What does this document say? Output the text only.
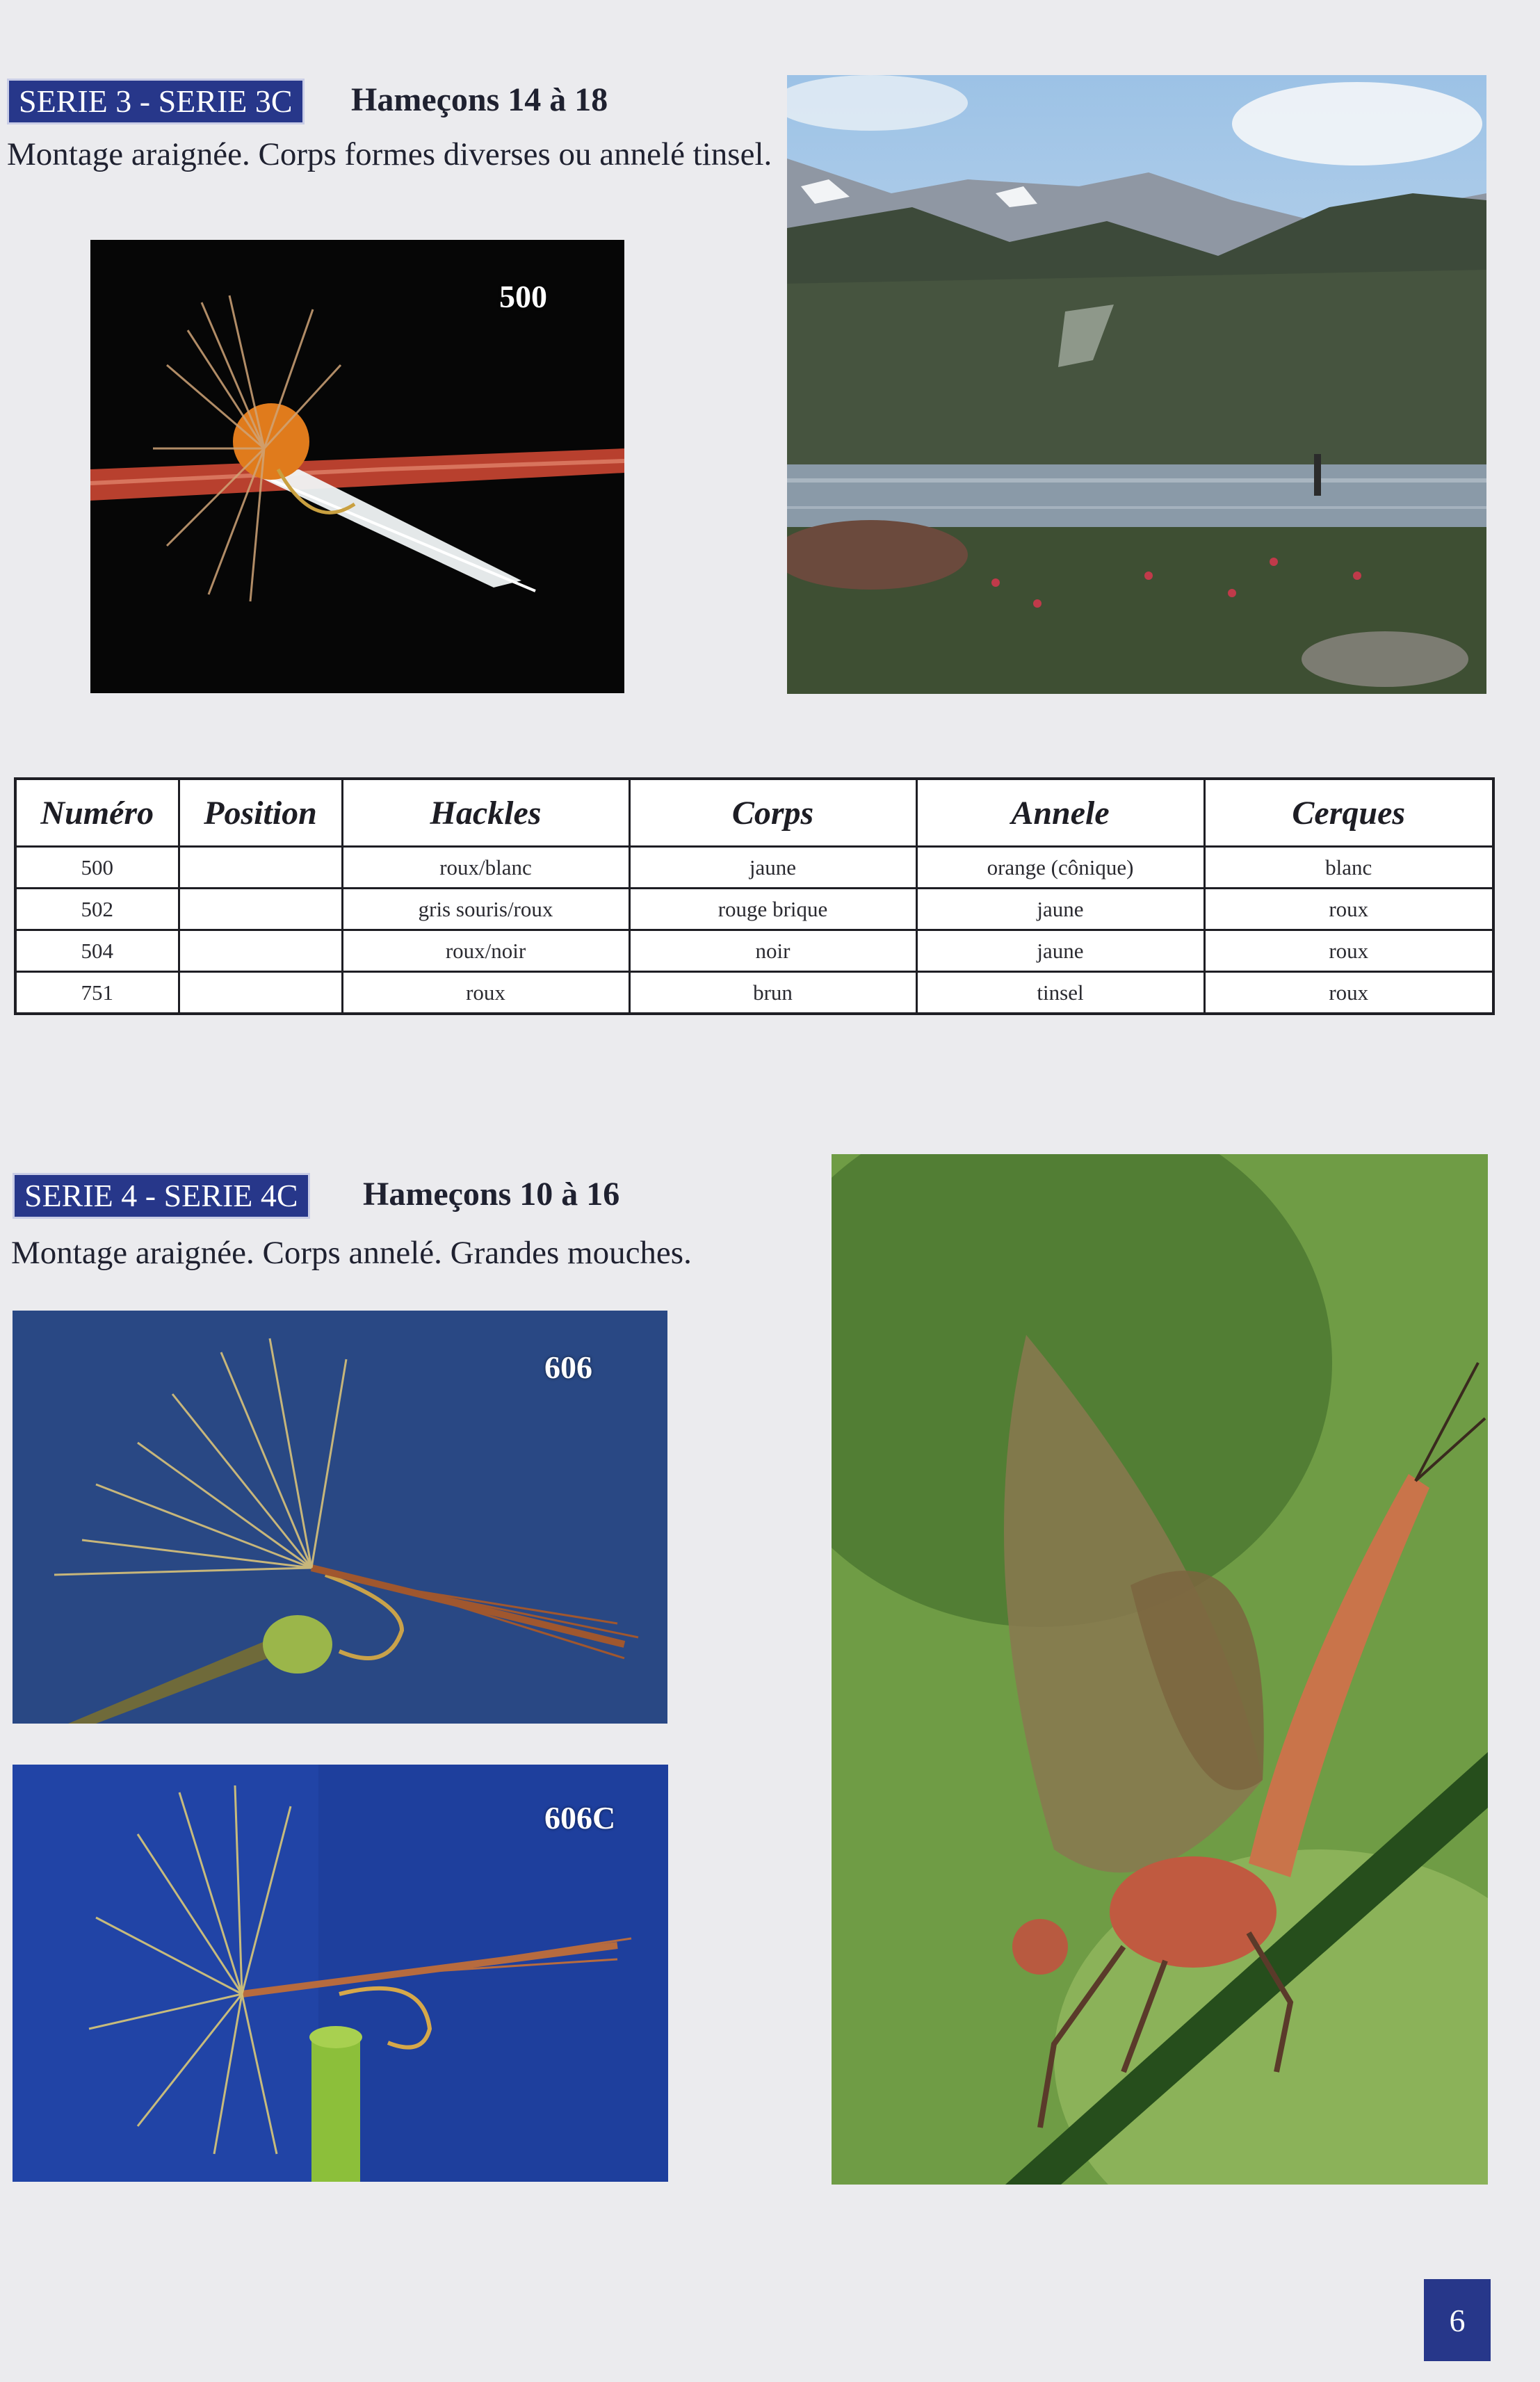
SERIE 3 - SERIE 3C	Hameçons 14 à 18
Montage araignée. Corps formes diverses ou annelé tinsel.
500
Numéro	Position	Hackles	Corps	Annele	Cerques
500		roux/blanc	jaune	orange (cônique)	blanc
502		gris souris/roux	rouge brique	jaune	roux
504		roux/noir	noir	jaune	roux
751		roux	brun	tinsel	roux
SERIE 4 - SERIE 4C	Hameçons 10 à 16
Montage araignée. Corps annelé. Grandes mouches.
606
606C
6
